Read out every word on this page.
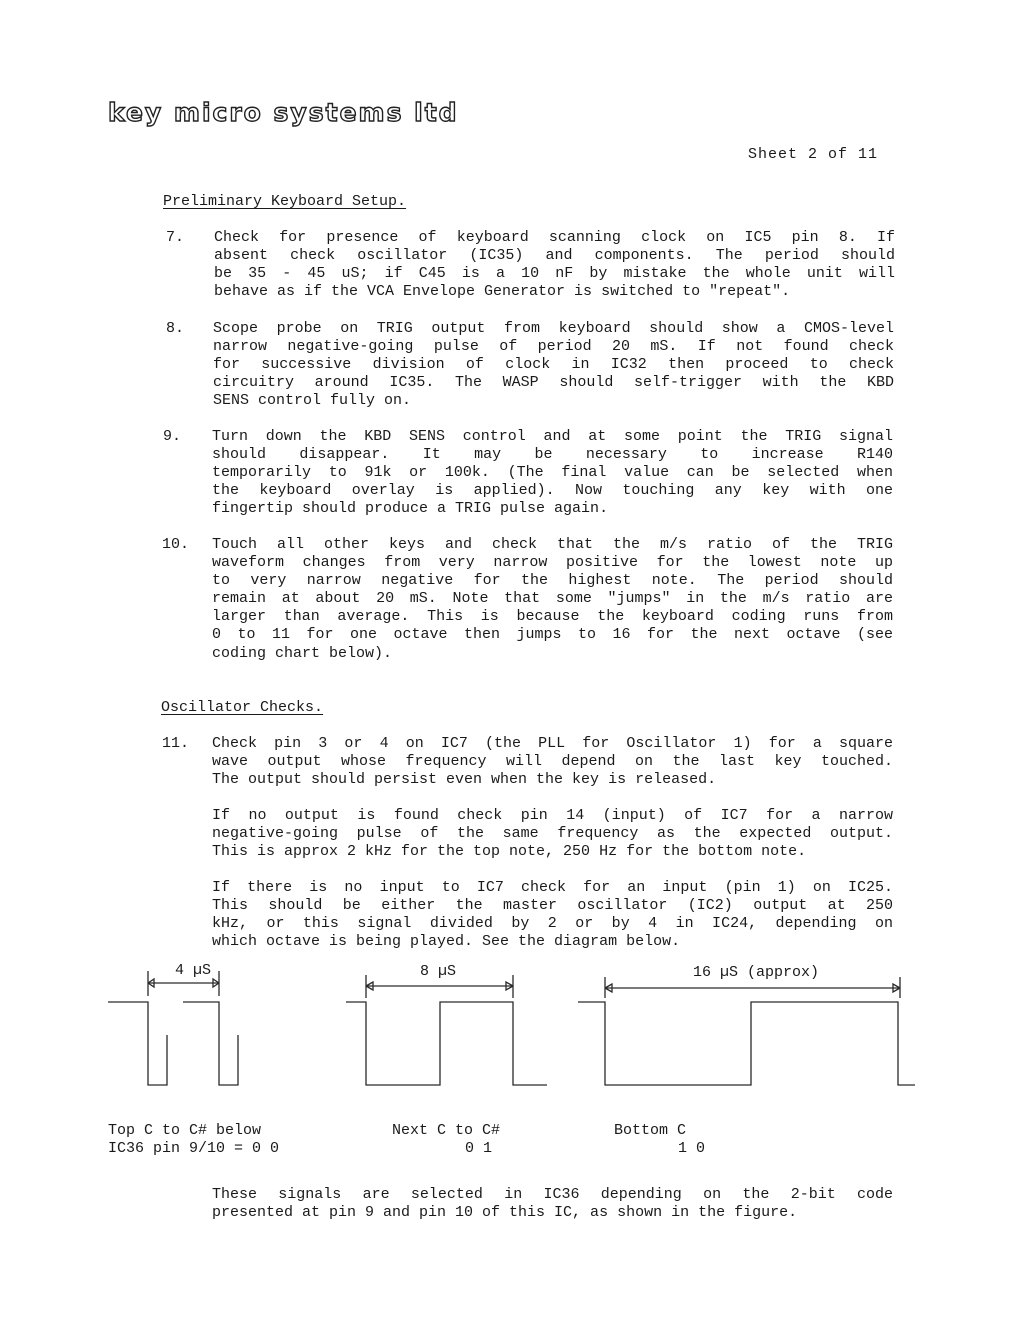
key micro systems ltd
Sheet 2 of 11
Preliminary Keyboard Setup.
7. Check for presence of keyboard scanning clock on IC5 pin 8. If
absent check oscillator (IC35) and components. The period should
be 35 - 45 uS; if C45 is a 10 nF by mistake the whole unit will
behave as if the VCA Envelope Generator is switched to "repeat".
8. Scope probe on TRIG output from keyboard should show a CMOS-level
narrow negative-going pulse of period 20 mS. If not found check
for successive division of clock in IC32 then proceed to check
circuitry around IC35. The WASP should self-trigger with the KBD
SENS control fully on.
9. Turn down the KBD SENS control and at some point the TRIG signal
should disappear. It may be necessary to increase R140
temporarily to 91k or 100k. (The final value can be selected when
the keyboard overlay is applied). Now touching any key with one
fingertip should produce a TRIG pulse again.
10. Touch all other keys and check that the m/s ratio of the TRIG
waveform changes from very narrow positive for the lowest note up
to very narrow negative for the highest note. The period should
remain at about 20 mS. Note that some "jumps" in the m/s ratio are
larger than average. This is because the keyboard coding runs from
0 to 11 for one octave then jumps to 16 for the next octave (see
coding chart below).
Oscillator Checks.
11. Check pin 3 or 4 on IC7 (the PLL for Oscillator 1) for a square
wave output whose frequency will depend on the last key touched.
The output should persist even when the key is released.
If no output is found check pin 14 (input) of IC7 for a narrow
negative-going pulse of the same frequency as the expected output.
This is approx 2 kHz for the top note, 250 Hz for the bottom note.
If there is no input to IC7 check for an input (pin 1) on IC25.
This should be either the master oscillator (IC2) output at 250
kHz, or this signal divided by 2 or by 4 in IC24, depending on
which octave is being played. See the diagram below.
4 µS	8 µS	16 µS (approx)
Top C to C# below
IC36 pin 9/10 = 0 0
Next C to C#
0 1
Bottom C
1 0
These signals are selected in IC36 depending on the 2-bit code
presented at pin 9 and pin 10 of this IC, as shown in the figure.
